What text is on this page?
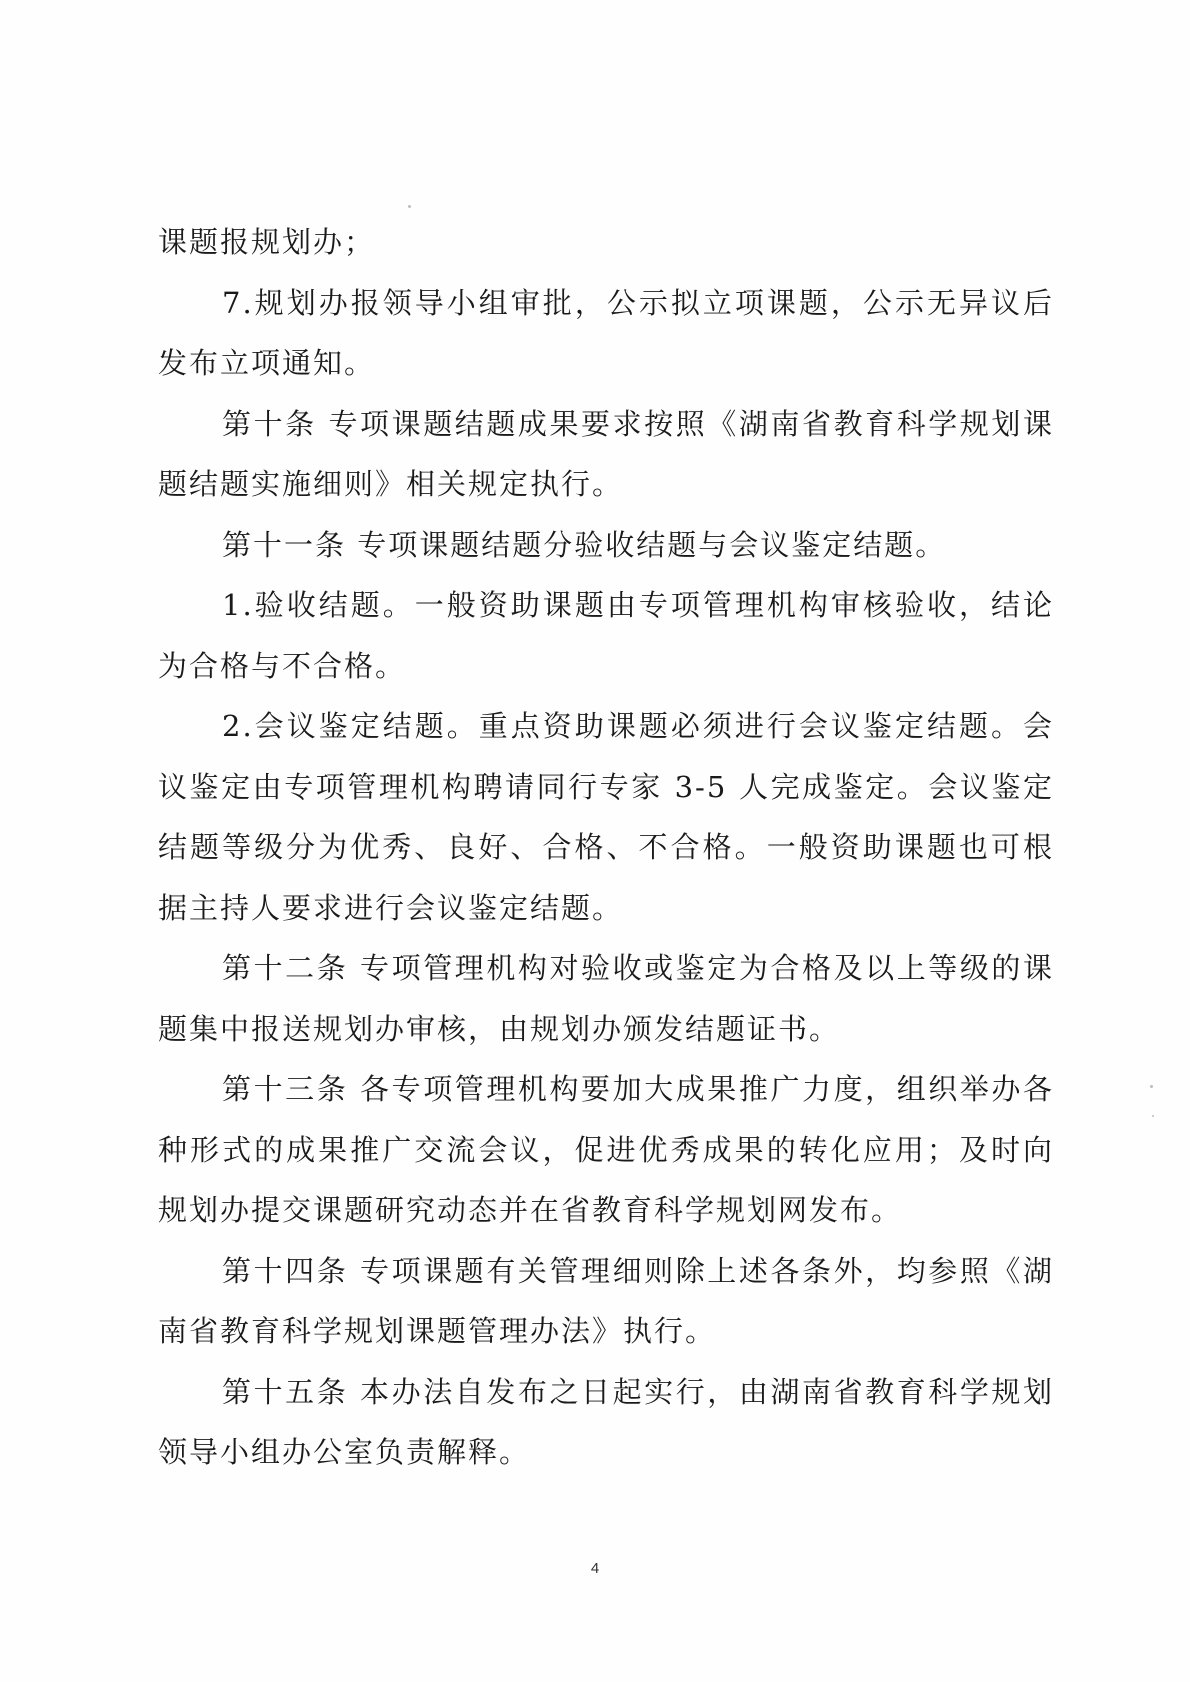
课题报规划办；

7.规划办报领导小组审批，公示拟立项课题，公示无异议后发布立项通知。

第十条 专项课题结题成果要求按照《湖南省教育科学规划课题结题实施细则》相关规定执行。

第十一条 专项课题结题分验收结题与会议鉴定结题。

1.验收结题。一般资助课题由专项管理机构审核验收，结论为合格与不合格。

2.会议鉴定结题。重点资助课题必须进行会议鉴定结题。会议鉴定由专项管理机构聘请同行专家 3-5 人完成鉴定。会议鉴定结题等级分为优秀、良好、合格、不合格。一般资助课题也可根据主持人要求进行会议鉴定结题。

第十二条 专项管理机构对验收或鉴定为合格及以上等级的课题集中报送规划办审核，由规划办颁发结题证书。

第十三条 各专项管理机构要加大成果推广力度，组织举办各种形式的成果推广交流会议，促进优秀成果的转化应用；及时向规划办提交课题研究动态并在省教育科学规划网发布。

第十四条 专项课题有关管理细则除上述各条外，均参照《湖南省教育科学规划课题管理办法》执行。

第十五条 本办法自发布之日起实行，由湖南省教育科学规划领导小组办公室负责解释。

4
